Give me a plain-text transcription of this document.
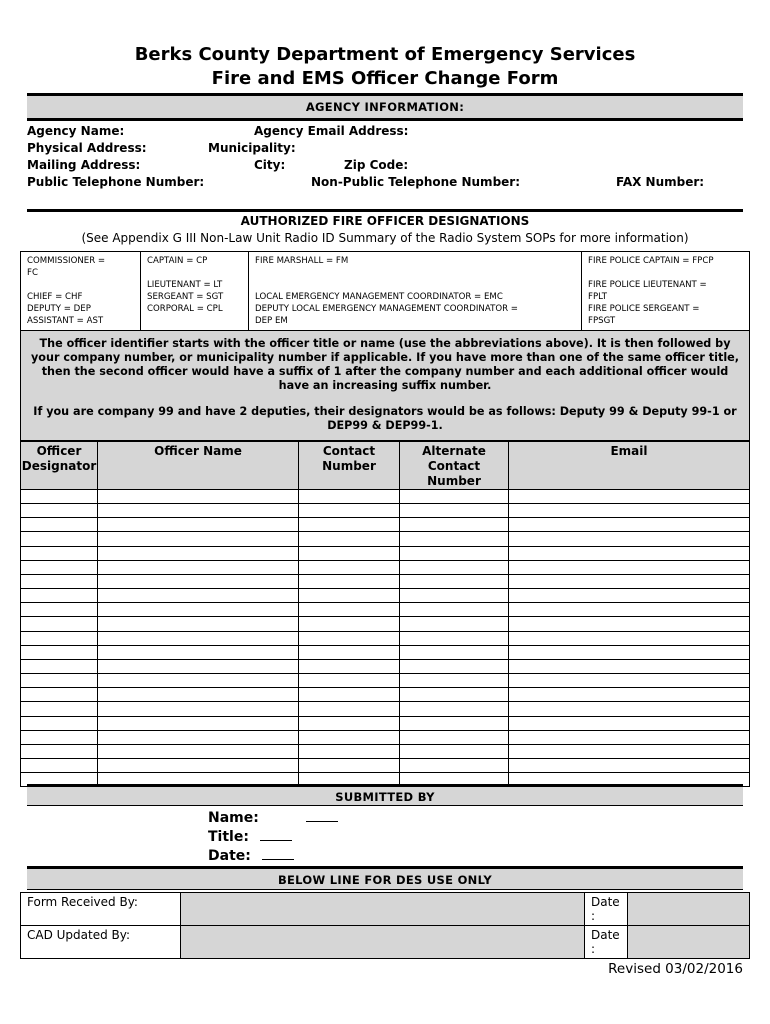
Berks County Department of Emergency Services
Fire and EMS Officer Change Form
AGENCY INFORMATION:
Agency Name:	Agency Email Address:
Physical Address:	Municipality:
Mailing Address:	City:	Zip Code:
Public Telephone Number:	Non-Public Telephone Number:	FAX Number:
AUTHORIZED FIRE OFFICER DESIGNATIONS
(See Appendix G III Non-Law Unit Radio ID Summary of the Radio System SOPs for more information)
COMMISSIONER =
FC
CHIEF = CHF
DEPUTY = DEP
ASSISTANT = AST

CAPTAIN = CP
LIEUTENANT = LT
SERGEANT = SGT
CORPORAL = CPL

FIRE MARSHALL = FM
LOCAL EMERGENCY MANAGEMENT COORDINATOR = EMC
DEPUTY LOCAL EMERGENCY MANAGEMENT COORDINATOR =
DEP EM

FIRE POLICE CAPTAIN = FPCP
FIRE POLICE LIEUTENANT =
FPLT
FIRE POLICE SERGEANT =
FPSGT

The officer identifier starts with the officer title or name (use the abbreviations above). It is then followed by your company number, or municipality number if applicable. If you have more than one of the same officer title, then the second officer would have a suffix of 1 after the company number and each additional officer would have an increasing suffix number.

If you are company 99 and have 2 deputies, their designators would be as follows: Deputy 99 & Deputy 99-1 or DEP99 & DEP99-1.

Officer Designator	Officer Name	Contact Number	Alternate Contact Number	Email

SUBMITTED BY
Name:
Title:
Date:
BELOW LINE FOR DES USE ONLY
Form Received By:		Date
:	

CAD Updated By:		Date
:	

Revised 03/02/2016
